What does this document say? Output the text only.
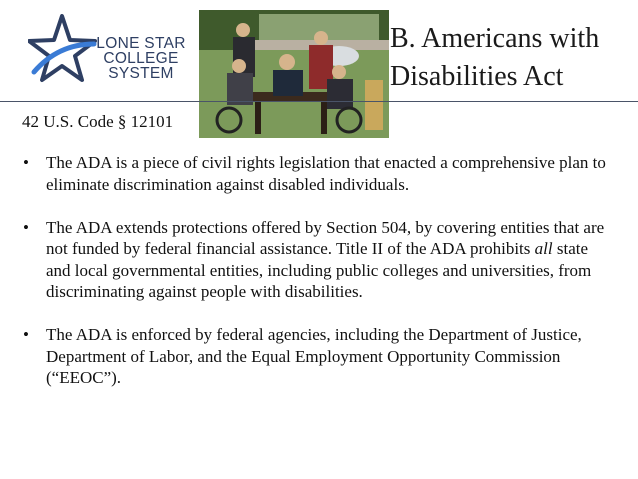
LONE STAR
COLLEGE
SYSTEM
B. Americans with
Disabilities Act
42 U.S. Code § 12101
• The ADA is a piece of civil rights legislation that enacted a comprehensive plan to eliminate discrimination against disabled individuals.
• The ADA extends protections offered by Section 504, by covering entities that are not funded by federal financial assistance. Title II of the ADA prohibits all state and local governmental entities, including public colleges and universities, from discriminating against people with disabilities.
• The ADA is enforced by federal agencies, including the Department of Justice, Department of Labor, and the Equal Employment Opportunity Commission (“EEOC”).
